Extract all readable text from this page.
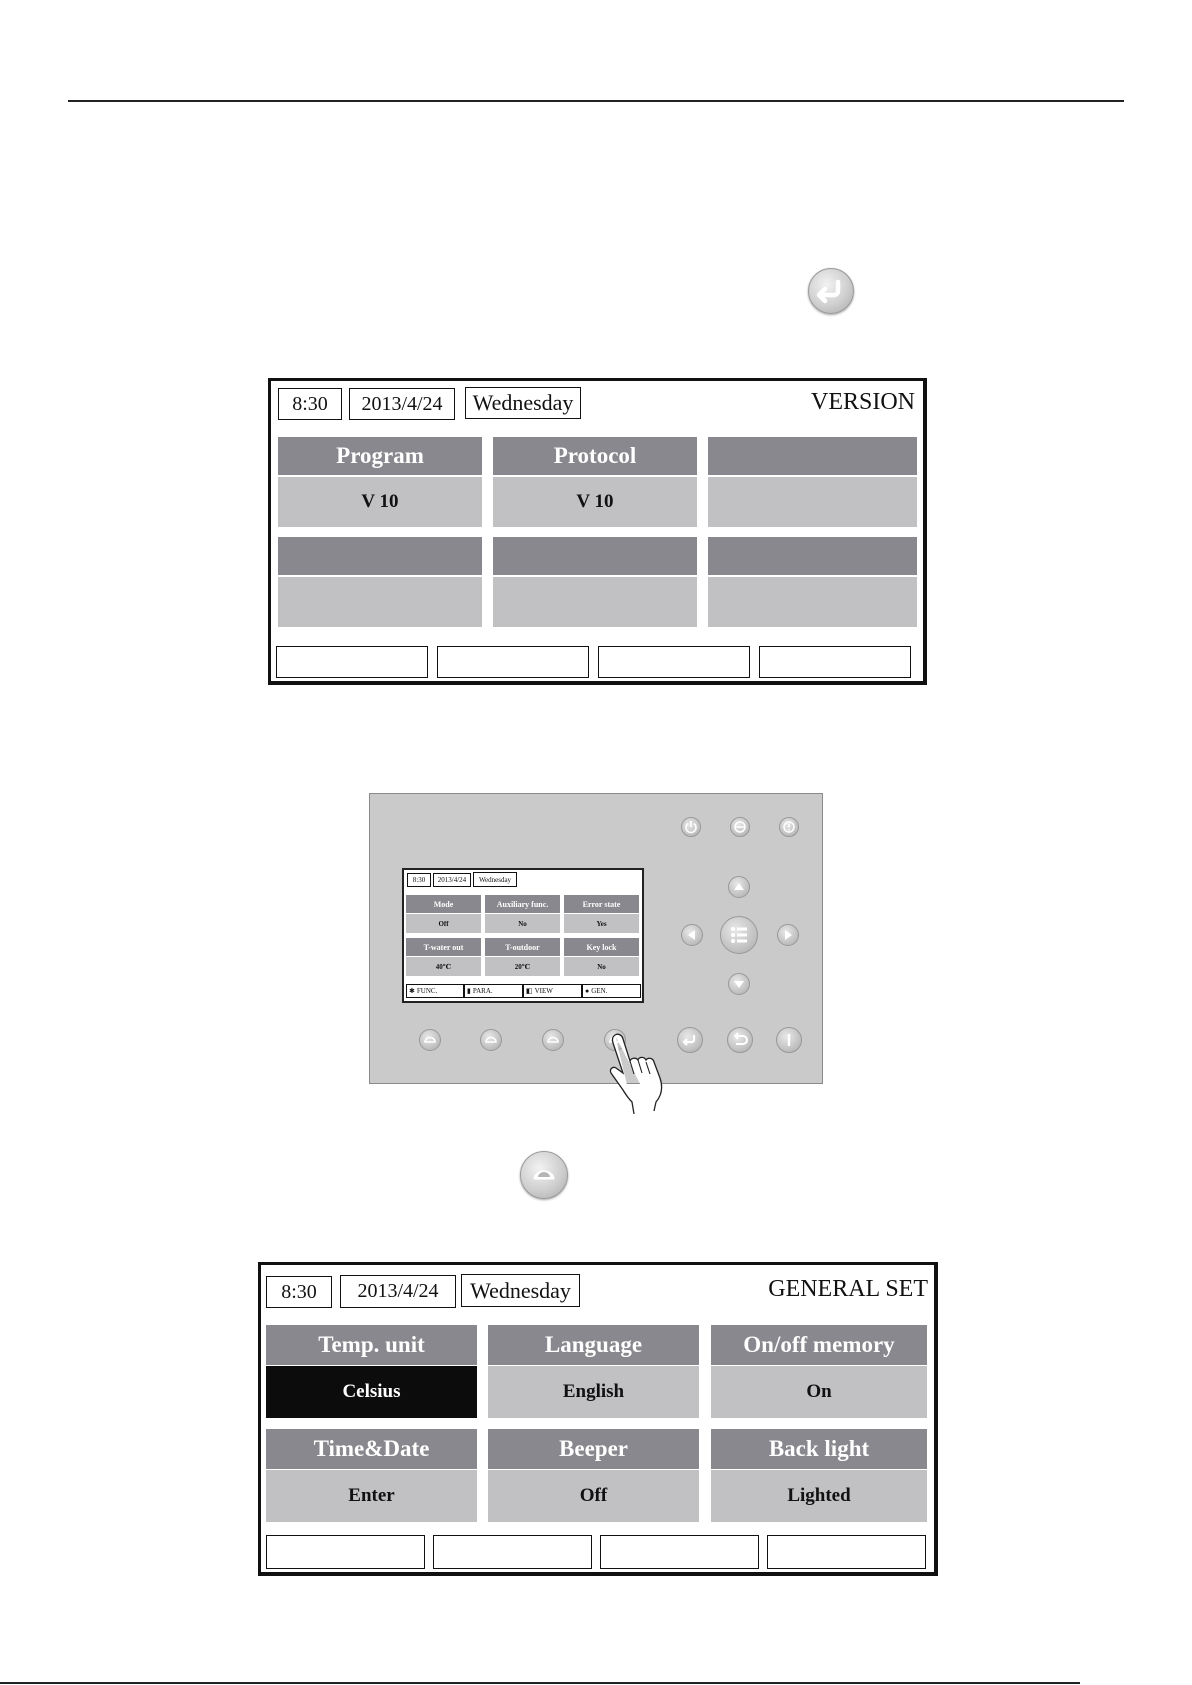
8:30	2013/4/24	Wednesday	VERSION
Program
V 10
Protocol
V 10
8:30	2013/4/24	Wednesday
Mode
Off
Auxiliary func.
No
Error state
Yes
T-water out
40℃
T-outdoor
20℃
Key lock
No
✱ FUNC.	▮ PARA.	◧ VIEW	● GEN.
8:30	2013/4/24	Wednesday	GENERAL SET
Temp. unit
Celsius
Language
English
On/off memory
On
Time&Date
Enter
Beeper
Off
Back light
Lighted
